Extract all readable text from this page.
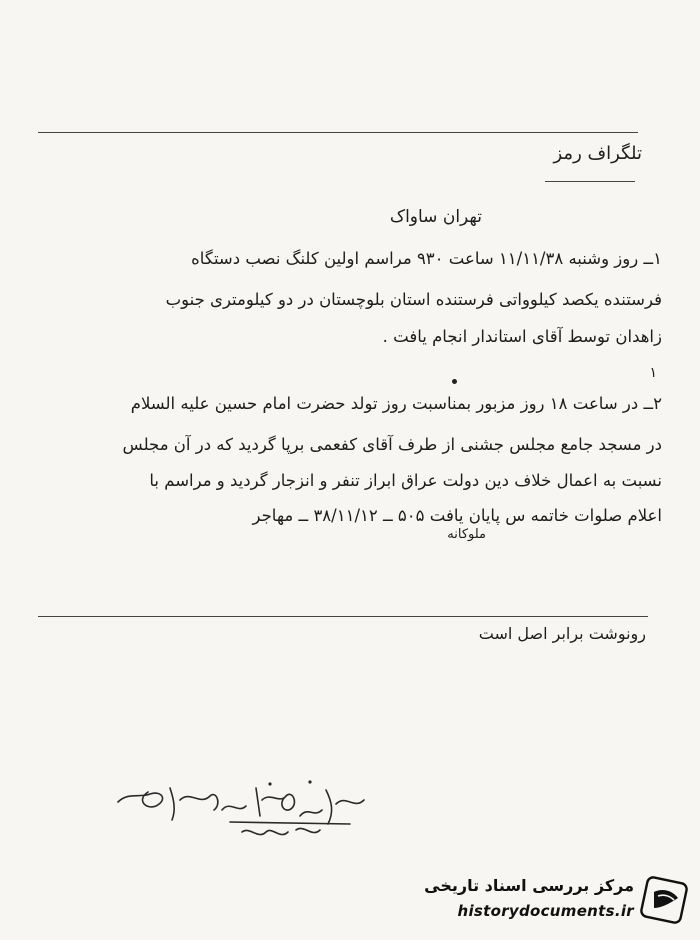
تلگراف رمز
تهران ساواک
۱ــ روز وشنبه ۱۱/۱۱/۳۸ ساعت ۹۳۰ مراسم اولین کلنگ نصب دستگاه
فرستنده یکصد کیلوواتی فرستنده استان بلوچستان در دو کیلومتری جنوب
زاهدان توسط آقای استاندار انجام یافت .
۱
۲ــ در ساعت ۱۸ روز مزبور بمناسبت روز تولد حضرت امام حسین علیه السلام
در مسجد جامع مجلس جشنی از طرف آقای کفعمی برپا گردید که در آن مجلس
نسبت به اعمال خلاف دین دولت عراق ابراز تنفر و انزجار گردید و مراسم با
اعلام صلوات خاتمه س پایان یافت ۵۰۵ ــ ۳۸/۱۱/۱۲ ــ مهاجر
ملوکانه
رونوشت برابر اصل است
مرکز بررسی اسناد تاریخی
historydocuments.ir
